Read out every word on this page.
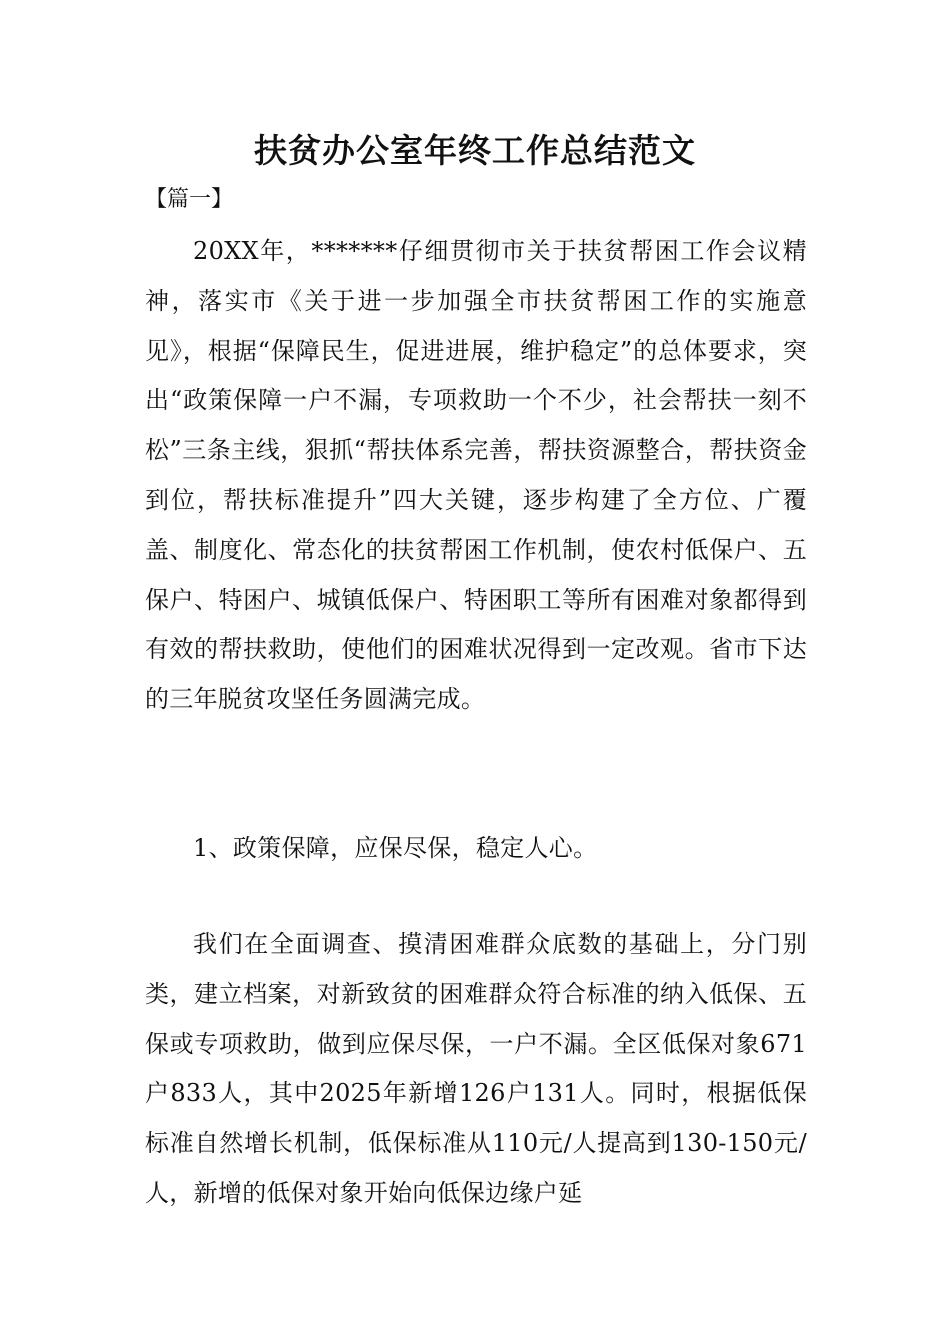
扶贫办公室年终工作总结范文
【篇一】

20XX年，*******仔细贯彻市关于扶贫帮困工作会议精神，落实市《关于进一步加强全市扶贫帮困工作的实施意见》，根据“保障民生，促进进展，维护稳定”的总体要求，突出“政策保障一户不漏，专项救助一个不少，社会帮扶一刻不松”三条主线，狠抓“帮扶体系完善，帮扶资源整合，帮扶资金到位，帮扶标准提升”四大关键，逐步构建了全方位、广覆盖、制度化、常态化的扶贫帮困工作机制，使农村低保户、五保户、特困户、城镇低保户、特困职工等所有困难对象都得到有效的帮扶救助，使他们的困难状况得到一定改观。省市下达的三年脱贫攻坚任务圆满完成。

1、政策保障，应保尽保，稳定人心。

我们在全面调查、摸清困难群众底数的基础上，分门别类，建立档案，对新致贫的困难群众符合标准的纳入低保、五保或专项救助，做到应保尽保，一户不漏。全区低保对象671户833人，其中2025年新增126户131人。同时，根据低保标准自然增长机制，低保标准从110元/人提高到130-150元/人，新增的低保对象开始向低保边缘户延
